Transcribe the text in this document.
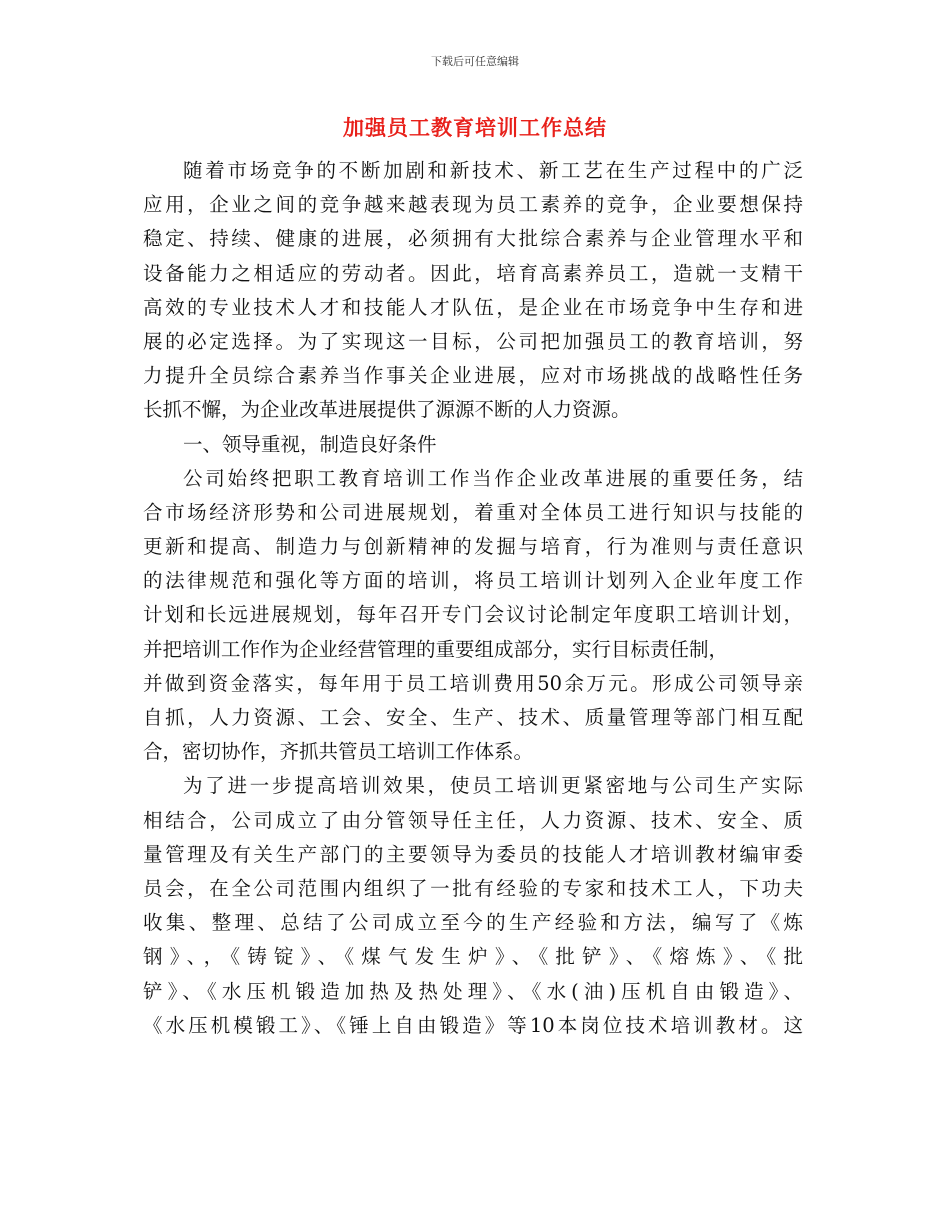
下载后可任意编辑
加强员工教育培训工作总结
随着市场竞争的不断加剧和新技术、新工艺在生产过程中的广泛
应用，企业之间的竞争越来越表现为员工素养的竞争，企业要想保持
稳定、持续、健康的进展，必须拥有大批综合素养与企业管理水平和
设备能力之相适应的劳动者。因此，培育高素养员工，造就一支精干
高效的专业技术人才和技能人才队伍，是企业在市场竞争中生存和进
展的必定选择。为了实现这一目标，公司把加强员工的教育培训，努
力提升全员综合素养当作事关企业进展，应对市场挑战的战略性任务
长抓不懈，为企业改革进展提供了源源不断的人力资源。
一、领导重视，制造良好条件
公司始终把职工教育培训工作当作企业改革进展的重要任务，结
合市场经济形势和公司进展规划，着重对全体员工进行知识与技能的
更新和提高、制造力与创新精神的发掘与培育，行为准则与责任意识
的法律规范和强化等方面的培训，将员工培训计划列入企业年度工作
计划和长远进展规划，每年召开专门会议讨论制定年度职工培训计划，
并把培训工作作为企业经营管理的重要组成部分，实行目标责任制，
并做到资金落实，每年用于员工培训费用50余万元。形成公司领导亲
自抓，人力资源、工会、安全、生产、技术、质量管理等部门相互配
合，密切协作，齐抓共管员工培训工作体系。
为了进一步提高培训效果，使员工培训更紧密地与公司生产实际
相结合，公司成立了由分管领导任主任，人力资源、技术、安全、质
量管理及有关生产部门的主要领导为委员的技能人才培训教材编审委
员会，在全公司范围内组织了一批有经验的专家和技术工人，下功夫
收集、整理、总结了公司成立至今的生产经验和方法，编写了《炼
钢》、，《铸锭》、《煤气发生炉》、《批铲》、《熔炼》、《批
铲》、《水压机锻造加热及热处理》、《水(油)压机自由锻造》、
《水压机模锻工》、《锤上自由锻造》等10本岗位技术培训教材。这
